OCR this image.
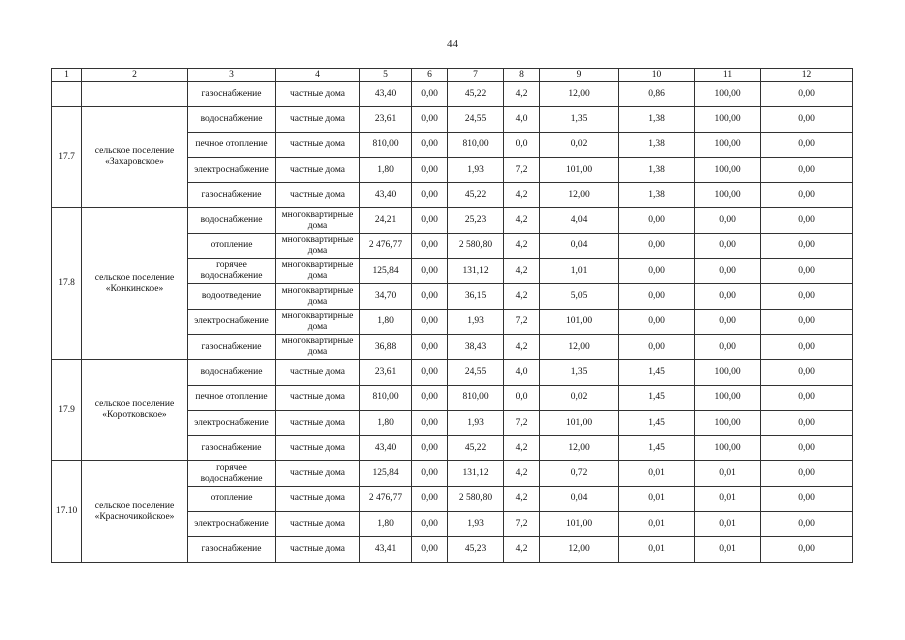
44
1	2	3	4	5	6	7	8	9	10	11	12
		газоснабжение	частные дома	43,40	0,00	45,22	4,2	12,00	0,86	100,00	0,00
17.7	сельское поселение «Захаровское»	водоснабжение	частные дома	23,61	0,00	24,55	4,0	1,35	1,38	100,00	0,00
		печное отопление	частные дома	810,00	0,00	810,00	0,0	0,02	1,38	100,00	0,00
		электроснабжение	частные дома	1,80	0,00	1,93	7,2	101,00	1,38	100,00	0,00
		газоснабжение	частные дома	43,40	0,00	45,22	4,2	12,00	1,38	100,00	0,00
17.8	сельское поселение «Конкинское»	водоснабжение	многоквартирные дома	24,21	0,00	25,23	4,2	4,04	0,00	0,00	0,00
		отопление	многоквартирные дома	2 476,77	0,00	2 580,80	4,2	0,04	0,00	0,00	0,00
		горячее водоснабжение	многоквартирные дома	125,84	0,00	131,12	4,2	1,01	0,00	0,00	0,00
		водоотведение	многоквартирные дома	34,70	0,00	36,15	4,2	5,05	0,00	0,00	0,00
		электроснабжение	многоквартирные дома	1,80	0,00	1,93	7,2	101,00	0,00	0,00	0,00
		газоснабжение	многоквартирные дома	36,88	0,00	38,43	4,2	12,00	0,00	0,00	0,00
17.9	сельское поселение «Коротковское»	водоснабжение	частные дома	23,61	0,00	24,55	4,0	1,35	1,45	100,00	0,00
		печное отопление	частные дома	810,00	0,00	810,00	0,0	0,02	1,45	100,00	0,00
		электроснабжение	частные дома	1,80	0,00	1,93	7,2	101,00	1,45	100,00	0,00
		газоснабжение	частные дома	43,40	0,00	45,22	4,2	12,00	1,45	100,00	0,00
17.10	сельское поселение «Красночикойское»	горячее водоснабжение	частные дома	125,84	0,00	131,12	4,2	0,72	0,01	0,01	0,00
		отопление	частные дома	2 476,77	0,00	2 580,80	4,2	0,04	0,01	0,01	0,00
		электроснабжение	частные дома	1,80	0,00	1,93	7,2	101,00	0,01	0,01	0,00
		газоснабжение	частные дома	43,41	0,00	45,23	4,2	12,00	0,01	0,01	0,00
